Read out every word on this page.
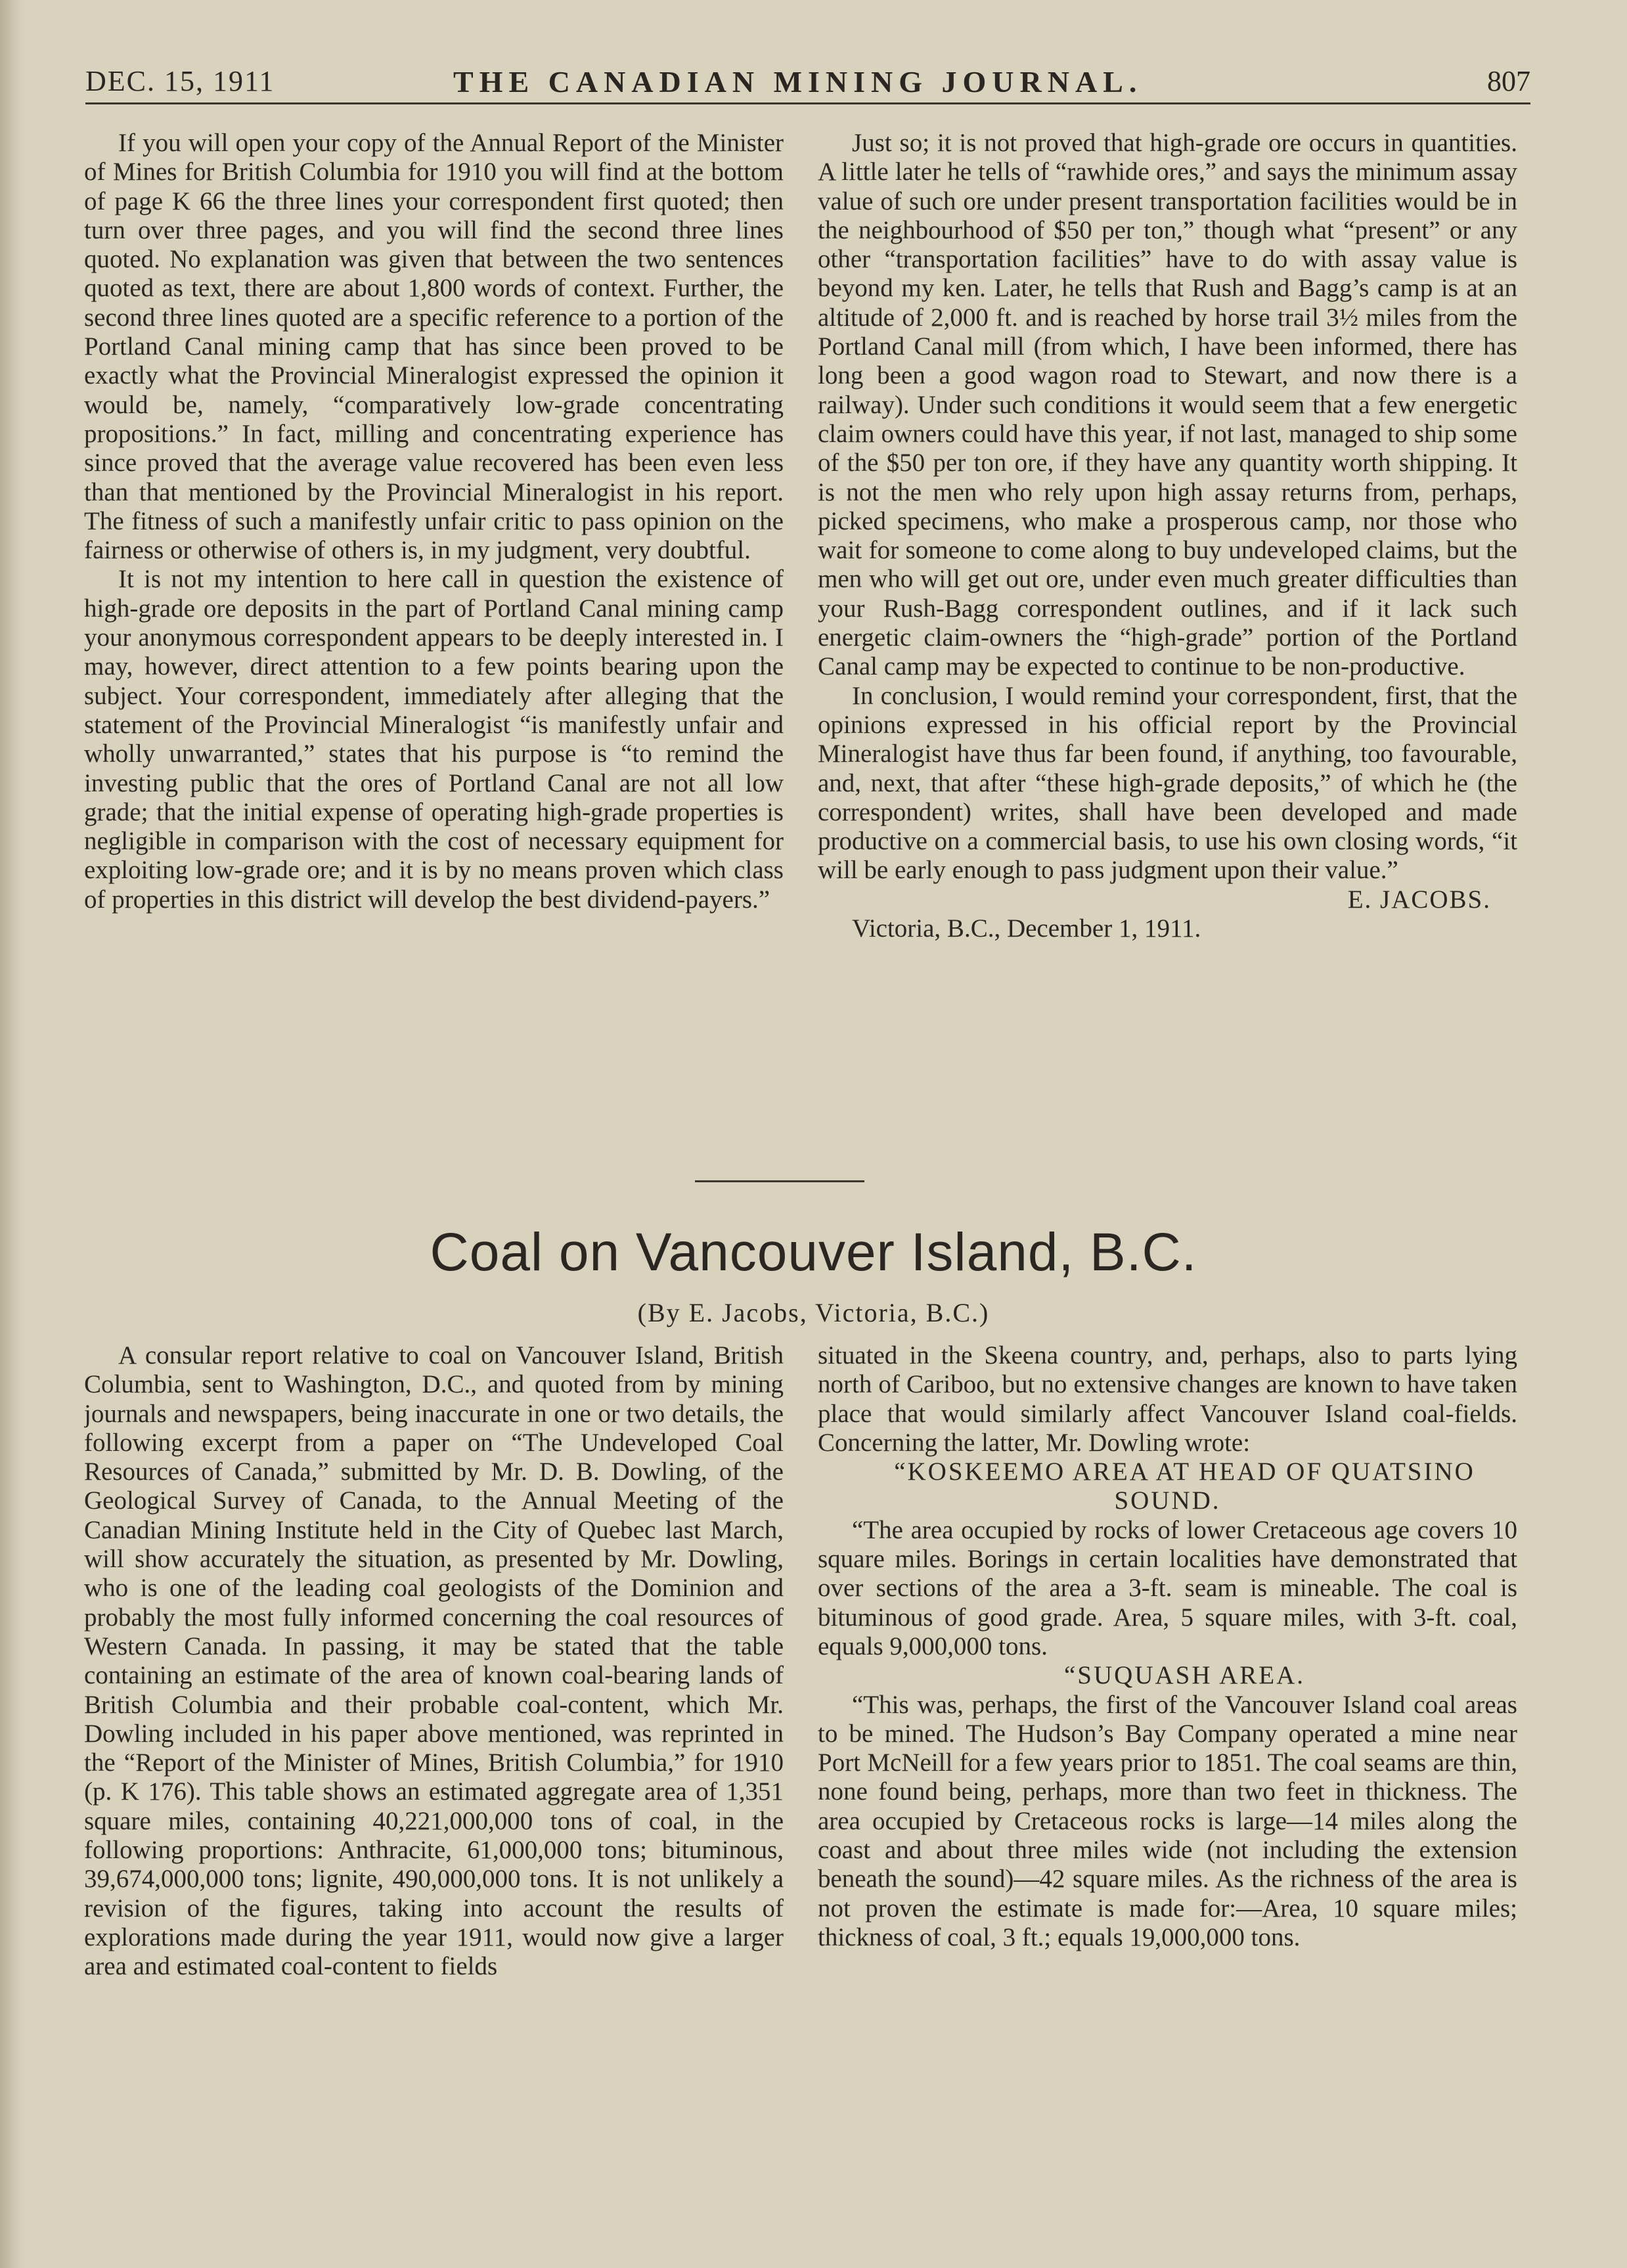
DEC. 15, 1911	THE CANADIAN MINING JOURNAL.	807

If you will open your copy of the Annual Report of the Minister of Mines for British Columbia for 1910 you will find at the bottom of page K 66 the three lines your correspondent first quoted; then turn over three pages, and you will find the second three lines quoted. No explanation was given that between the two sentences quoted as text, there are about 1,800 words of context. Further, the second three lines quoted are a specific reference to a portion of the Portland Canal mining camp that has since been proved to be exactly what the Provincial Mineralogist expressed the opinion it would be, namely, “comparatively low-grade concentrating propositions.” In fact, milling and concentrating experience has since proved that the average value recovered has been even less than that mentioned by the Provincial Mineralogist in his report. The fitness of such a manifestly unfair critic to pass opinion on the fairness or otherwise of others is, in my judgment, very doubtful.

It is not my intention to here call in question the existence of high-grade ore deposits in the part of Portland Canal mining camp your anonymous correspondent appears to be deeply interested in. I may, however, direct attention to a few points bearing upon the subject. Your correspondent, immediately after alleging that the statement of the Provincial Mineralogist “is manifestly unfair and wholly unwarranted,” states that his purpose is “to remind the investing public that the ores of Portland Canal are not all low grade; that the initial expense of operating high-grade properties is negligible in comparison with the cost of necessary equipment for exploiting low-grade ore; and it is by no means proven which class of properties in this district will develop the best dividend-payers.”

Just so; it is not proved that high-grade ore occurs in quantities. A little later he tells of “rawhide ores,” and says the minimum assay value of such ore under present transportation facilities would be in the neighbourhood of $50 per ton,” though what “present” or any other “transportation facilities” have to do with assay value is beyond my ken. Later, he tells that Rush and Bagg’s camp is at an altitude of 2,000 ft. and is reached by horse trail 3½ miles from the Portland Canal mill (from which, I have been informed, there has long been a good wagon road to Stewart, and now there is a railway). Under such conditions it would seem that a few energetic claim owners could have this year, if not last, managed to ship some of the $50 per ton ore, if they have any quantity worth shipping. It is not the men who rely upon high assay returns from, perhaps, picked specimens, who make a prosperous camp, nor those who wait for someone to come along to buy undeveloped claims, but the men who will get out ore, under even much greater difficulties than your Rush-Bagg correspondent outlines, and if it lack such energetic claim-owners the “high-grade” portion of the Portland Canal camp may be expected to continue to be non-productive.

In conclusion, I would remind your correspondent, first, that the opinions expressed in his official report by the Provincial Mineralogist have thus far been found, if anything, too favourable, and, next, that after “these high-grade deposits,” of which he (the correspondent) writes, shall have been developed and made productive on a commercial basis, to use his own closing words, “it will be early enough to pass judgment upon their value.”

E. JACOBS.

Victoria, B.C., December 1, 1911.

Coal on Vancouver Island, B.C.
(By E. Jacobs, Victoria, B.C.)

A consular report relative to coal on Vancouver Island, British Columbia, sent to Washington, D.C., and quoted from by mining journals and newspapers, being inaccurate in one or two details, the following excerpt from a paper on “The Undeveloped Coal Resources of Canada,” submitted by Mr. D. B. Dowling, of the Geological Survey of Canada, to the Annual Meeting of the Canadian Mining Institute held in the City of Quebec last March, will show accurately the situation, as presented by Mr. Dowling, who is one of the leading coal geologists of the Dominion and probably the most fully informed concerning the coal resources of Western Canada. In passing, it may be stated that the table containing an estimate of the area of known coal-bearing lands of British Columbia and their probable coal-content, which Mr. Dowling included in his paper above mentioned, was reprinted in the “Report of the Minister of Mines, British Columbia,” for 1910 (p. K 176). This table shows an estimated aggregate area of 1,351 square miles, containing 40,221,000,000 tons of coal, in the following proportions: Anthracite, 61,000,000 tons; bituminous, 39,674,000,000 tons; lignite, 490,000,000 tons. It is not unlikely a revision of the figures, taking into account the results of explorations made during the year 1911, would now give a larger area and estimated coal-content to fields

situated in the Skeena country, and, perhaps, also to parts lying north of Cariboo, but no extensive changes are known to have taken place that would similarly affect Vancouver Island coal-fields. Concerning the latter, Mr. Dowling wrote:

“KOSKEEMO AREA AT HEAD OF QUATSINO SOUND.

“The area occupied by rocks of lower Cretaceous age covers 10 square miles. Borings in certain localities have demonstrated that over sections of the area a 3-ft. seam is mineable. The coal is bituminous of good grade. Area, 5 square miles, with 3-ft. coal, equals 9,000,000 tons.

“SUQUASH AREA.

“This was, perhaps, the first of the Vancouver Island coal areas to be mined. The Hudson’s Bay Company operated a mine near Port McNeill for a few years prior to 1851. The coal seams are thin, none found being, perhaps, more than two feet in thickness. The area occupied by Cretaceous rocks is large—14 miles along the coast and about three miles wide (not including the extension beneath the sound)—42 square miles. As the richness of the area is not proven the estimate is made for:—Area, 10 square miles; thickness of coal, 3 ft.; equals 19,000,000 tons.
